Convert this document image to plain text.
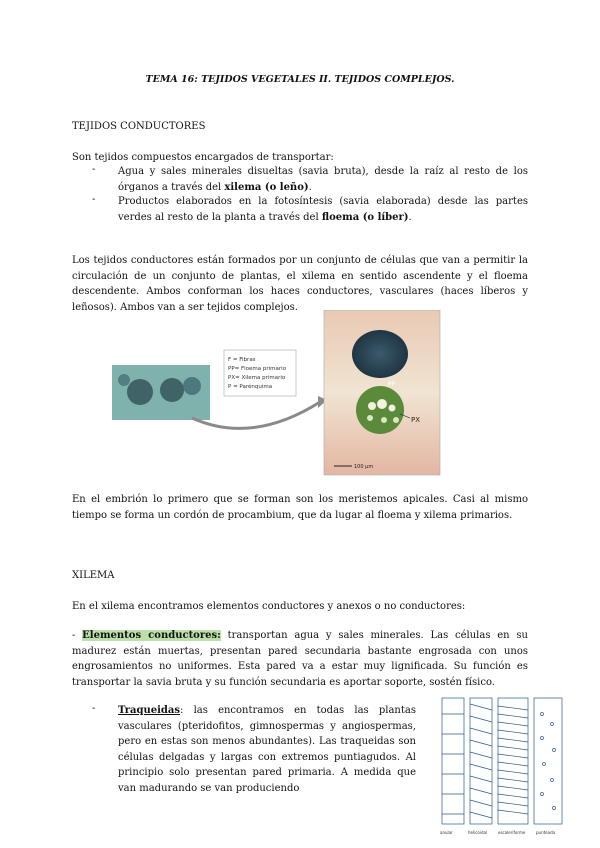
TEMA 16: TEJIDOS VEGETALES II. TEJIDOS COMPLEJOS.
TEJIDOS CONDUCTORES
Son tejidos compuestos encargados de transportar:
- Agua y sales minerales disueltas (savia bruta), desde la raíz al resto de los órganos a través del xilema (o leño).
- Productos elaborados en la fotosíntesis (savia elaborada) desde las partes verdes al resto de la planta a través del floema (o líber).
Los tejidos conductores están formados por un conjunto de células que van a permitir la circulación de un conjunto de plantas, el xilema en sentido ascendente y el floema descendente. Ambos conforman los haces conductores, vasculares (haces líberos y leñosos). Ambos van a ser tejidos complejos.
F = Fibras
PP= Floema primario
PX= Xilema primario
P = Parénquima	PP
PX
100 µm
En el embrión lo primero que se forman son los meristemos apicales. Casi al mismo tiempo se forma un cordón de procambium, que da lugar al floema y xilema primarios.
XILEMA
En el xilema encontramos elementos conductores y anexos o no conductores:
- Elementos conductores: transportan agua y sales minerales. Las células en su madurez están muertas, presentan pared secundaria bastante engrosada con unos engrosamientos no uniformes. Esta pared va a estar muy lignificada. Su función es transportar la savia bruta y su función secundaria es aportar soporte, sostén físico.
- Traqueidas: las encontramos en todas las plantas vasculares (pteridofitos, gimnospermas y angiospermas, pero en estas son menos abundantes). Las traqueidas son células delgadas y largas con extremos puntiagudos. Al principio solo presentan pared primaria. A medida que van madurando se van produciendo
anular	helicoidal	escaleriforme	punteada
